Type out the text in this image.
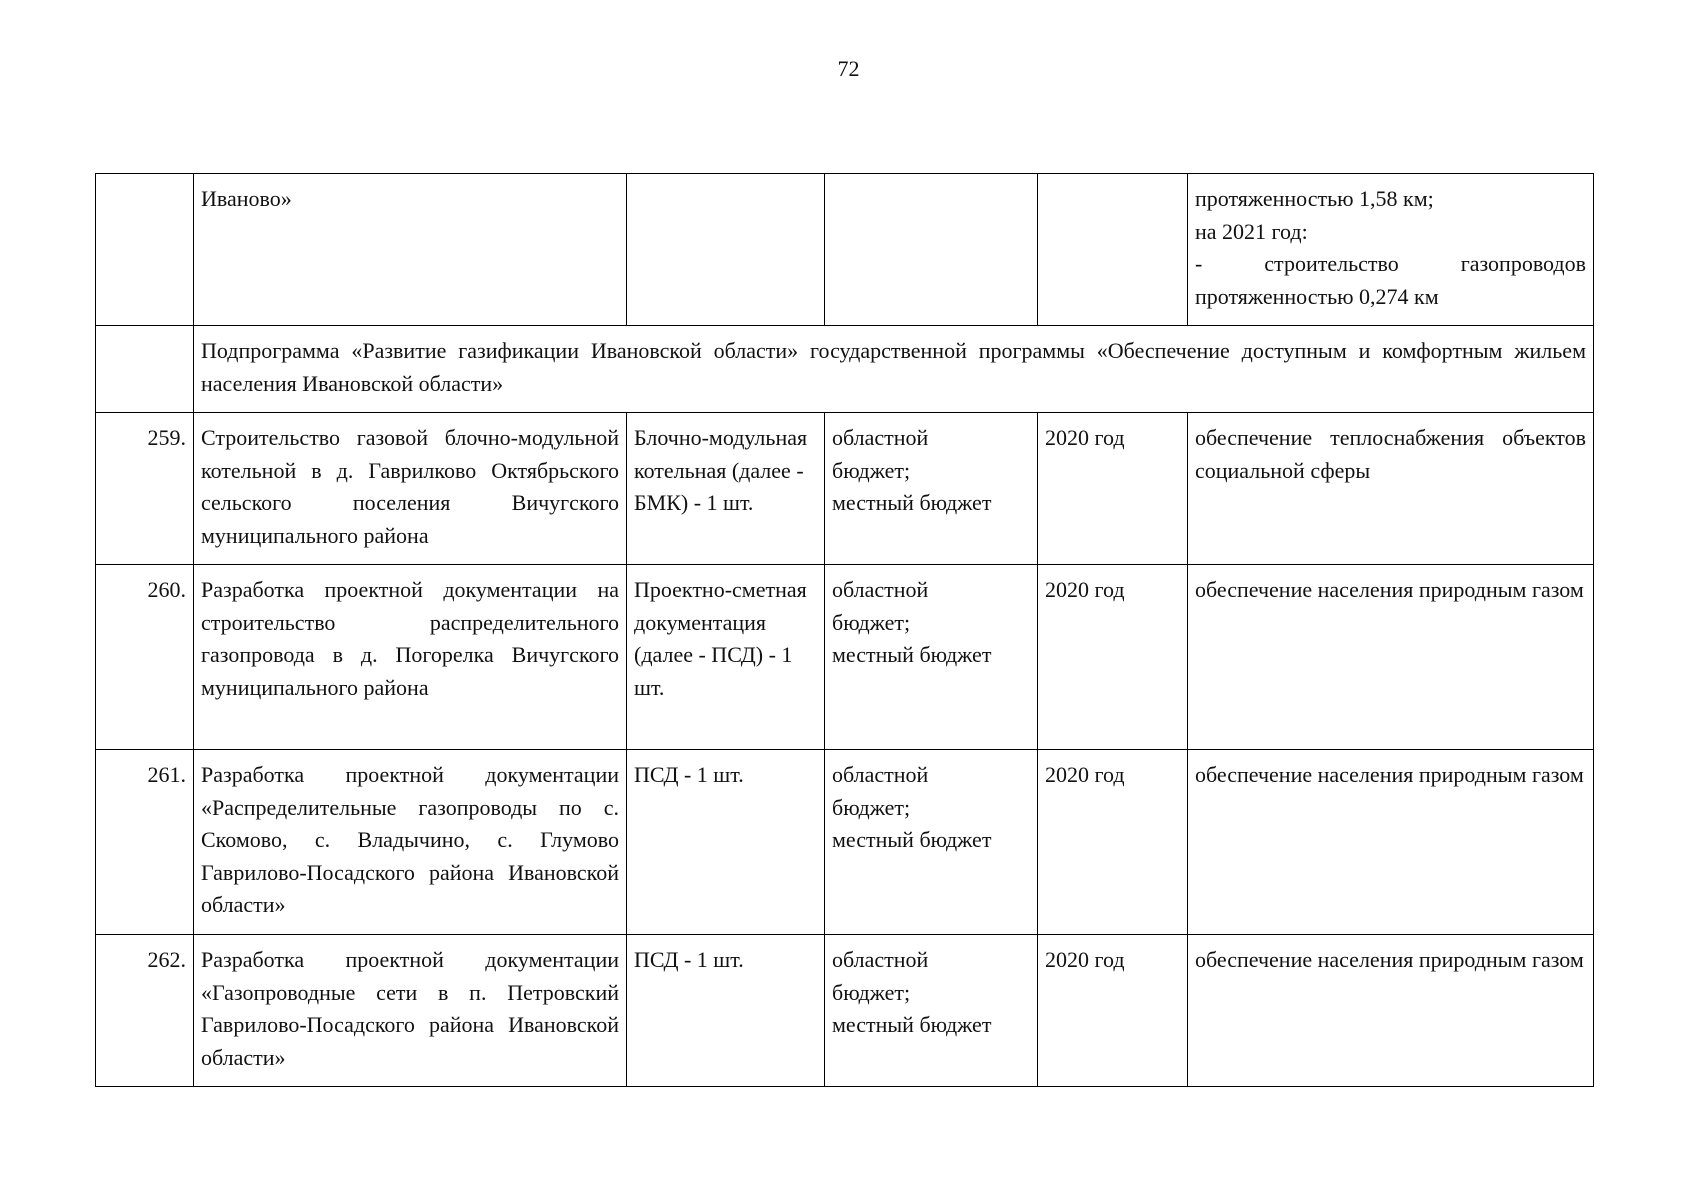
72
	Иваново»				протяженностью 1,58 км;
на 2021 год:
- строительство газопроводов
протяженностью 0,274 км

	Подпрограмма «Развитие газификации Ивановской области» государственной программы «Обеспечение доступным и комфортным жильем населения Ивановской области»				
259.	Строительство газовой блочно-модульной котельной в д. Гаврилково Октябрьского сельского поселения Вичугского муниципального района	Блочно-модульная котельная (далее - БМК) - 1 шт.	областной
бюджет;
местный бюджет	2020 год	обеспечение теплоснабжения объектов социальной сферы
260.	Разработка проектной документации на строительство распределительного газопровода в д. Погорелка Вичугского муниципального района	Проектно-сметная документация (далее - ПСД) - 1 шт.	областной
бюджет;
местный бюджет	2020 год	обеспечение населения природным газом
261.	Разработка проектной документации «Распределительные газопроводы по с. Скомово, с. Владычино, с. Глумово Гаврилово-Посадского района Ивановской области»	ПСД - 1 шт.	областной
бюджет;
местный бюджет	2020 год	обеспечение населения природным газом
262.	Разработка проектной документации «Газопроводные сети в п. Петровский Гаврилово-Посадского района Ивановской области»	ПСД - 1 шт.	областной
бюджет;
местный бюджет	2020 год	обеспечение населения природным газом
